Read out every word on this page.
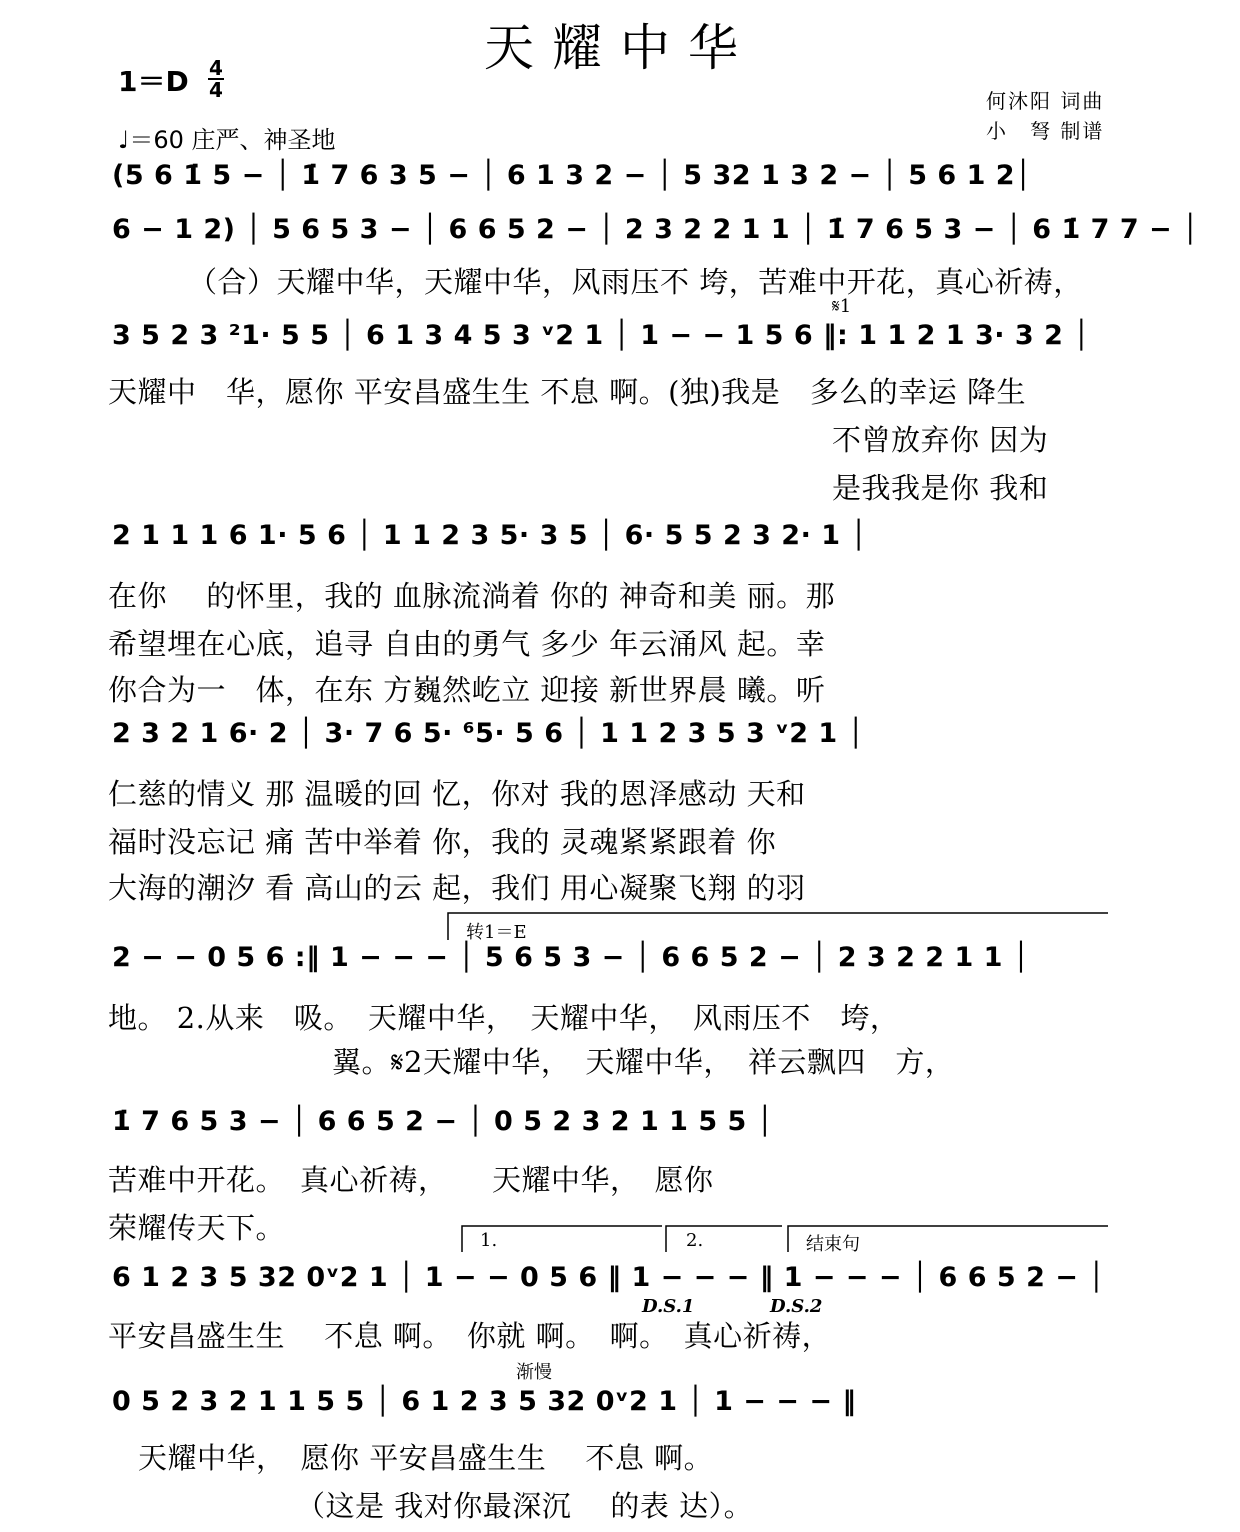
天耀中华
1＝D 4
4
♩＝60 庄严、神圣地
何沐阳 词曲
小　弩 制谱
(5 6 1̇ 5 − │ 1̇ 7 6 3 5 − │ 6 1 3 2 − │ 5 32 1 3 2 − │ 5 6 1 2│
6 − 1 2) │ 5 6 5 3 − │ 6 6 5 2 − │ 2 3 2 2 1 1 │ 1̇ 7 6 5 3 − │ 6 1̇ 7 7 − │
（合）天耀中华，天耀中华，风雨压不 垮，苦难中开花，真心祈祷，
𝄋1
3 5 2 3 ²1· 5 5 │ 6 1 3 4 5 3 ᵛ2 1 │ 1 − − 1 5 6 ‖: 1 1 2 1 3· 3 2 │
天耀中　华，愿你 平安昌盛生生 不息 啊。(独)我是　多么的幸运 降生
不曾放弃你 因为
是我我是你 我和
2 1 1 1 6 1· 5 6 │ 1 1 2 3 5· 3 5 │ 6· 5 5 2 3 2· 1 │
在你　 的怀里，我的 血脉流淌着 你的 神奇和美 丽。那
希望埋在心底，追寻 自由的勇气 多少 年云涌风 起。幸
你合为一　体，在东 方巍然屹立 迎接 新世界晨 曦。听
2 3 2 1 6· 2 │ 3· 7 6 5· ⁶5· 5 6 │ 1 1 2 3 5 3 ᵛ2 1 │
仁慈的情义 那 温暖的回 忆，你对 我的恩泽感动 天和
福时没忘记 痛 苦中举着 你，我的 灵魂紧紧跟着 你
大海的潮汐 看 高山的云 起，我们 用心凝聚飞翔 的羽
转1＝E
2 − − 0 5 6 :‖ 1 − − − │ 5 6 5 3 − │ 6 6 5 2 − │ 2 3 2 2 1 1 │
地。 2.从来　吸。　天耀中华，　天耀中华，　风雨压不　垮，
翼。𝄋2天耀中华，　天耀中华，　祥云飘四　方，
1̇ 7 6 5 3 − │ 6 6 5 2 − │ 0 5 2 3 2 1 1 5 5 │
苦难中开花。　真心祈祷，　　天耀中华，　愿你
荣耀传天下。	1.	2.	结束句
6 1 2 3 5 32 0ᵛ2 1 │ 1 − − 0 5 6 ‖ 1 − − − ‖ 1 − − − │ 6 6 5 2 − │
D.S.1	D.S.2
平安昌盛生生　 不息 啊。　你就 啊。　啊。　真心祈祷，
渐慢
0 5 2 3 2 1 1 5 5 │ 6 1 2 3 5 32 0ᵛ2 1 │ 1 − − − ‖
天耀中华，　愿你 平安昌盛生生　 不息 啊。
（这是 我对你最深沉　 的表 达）。
